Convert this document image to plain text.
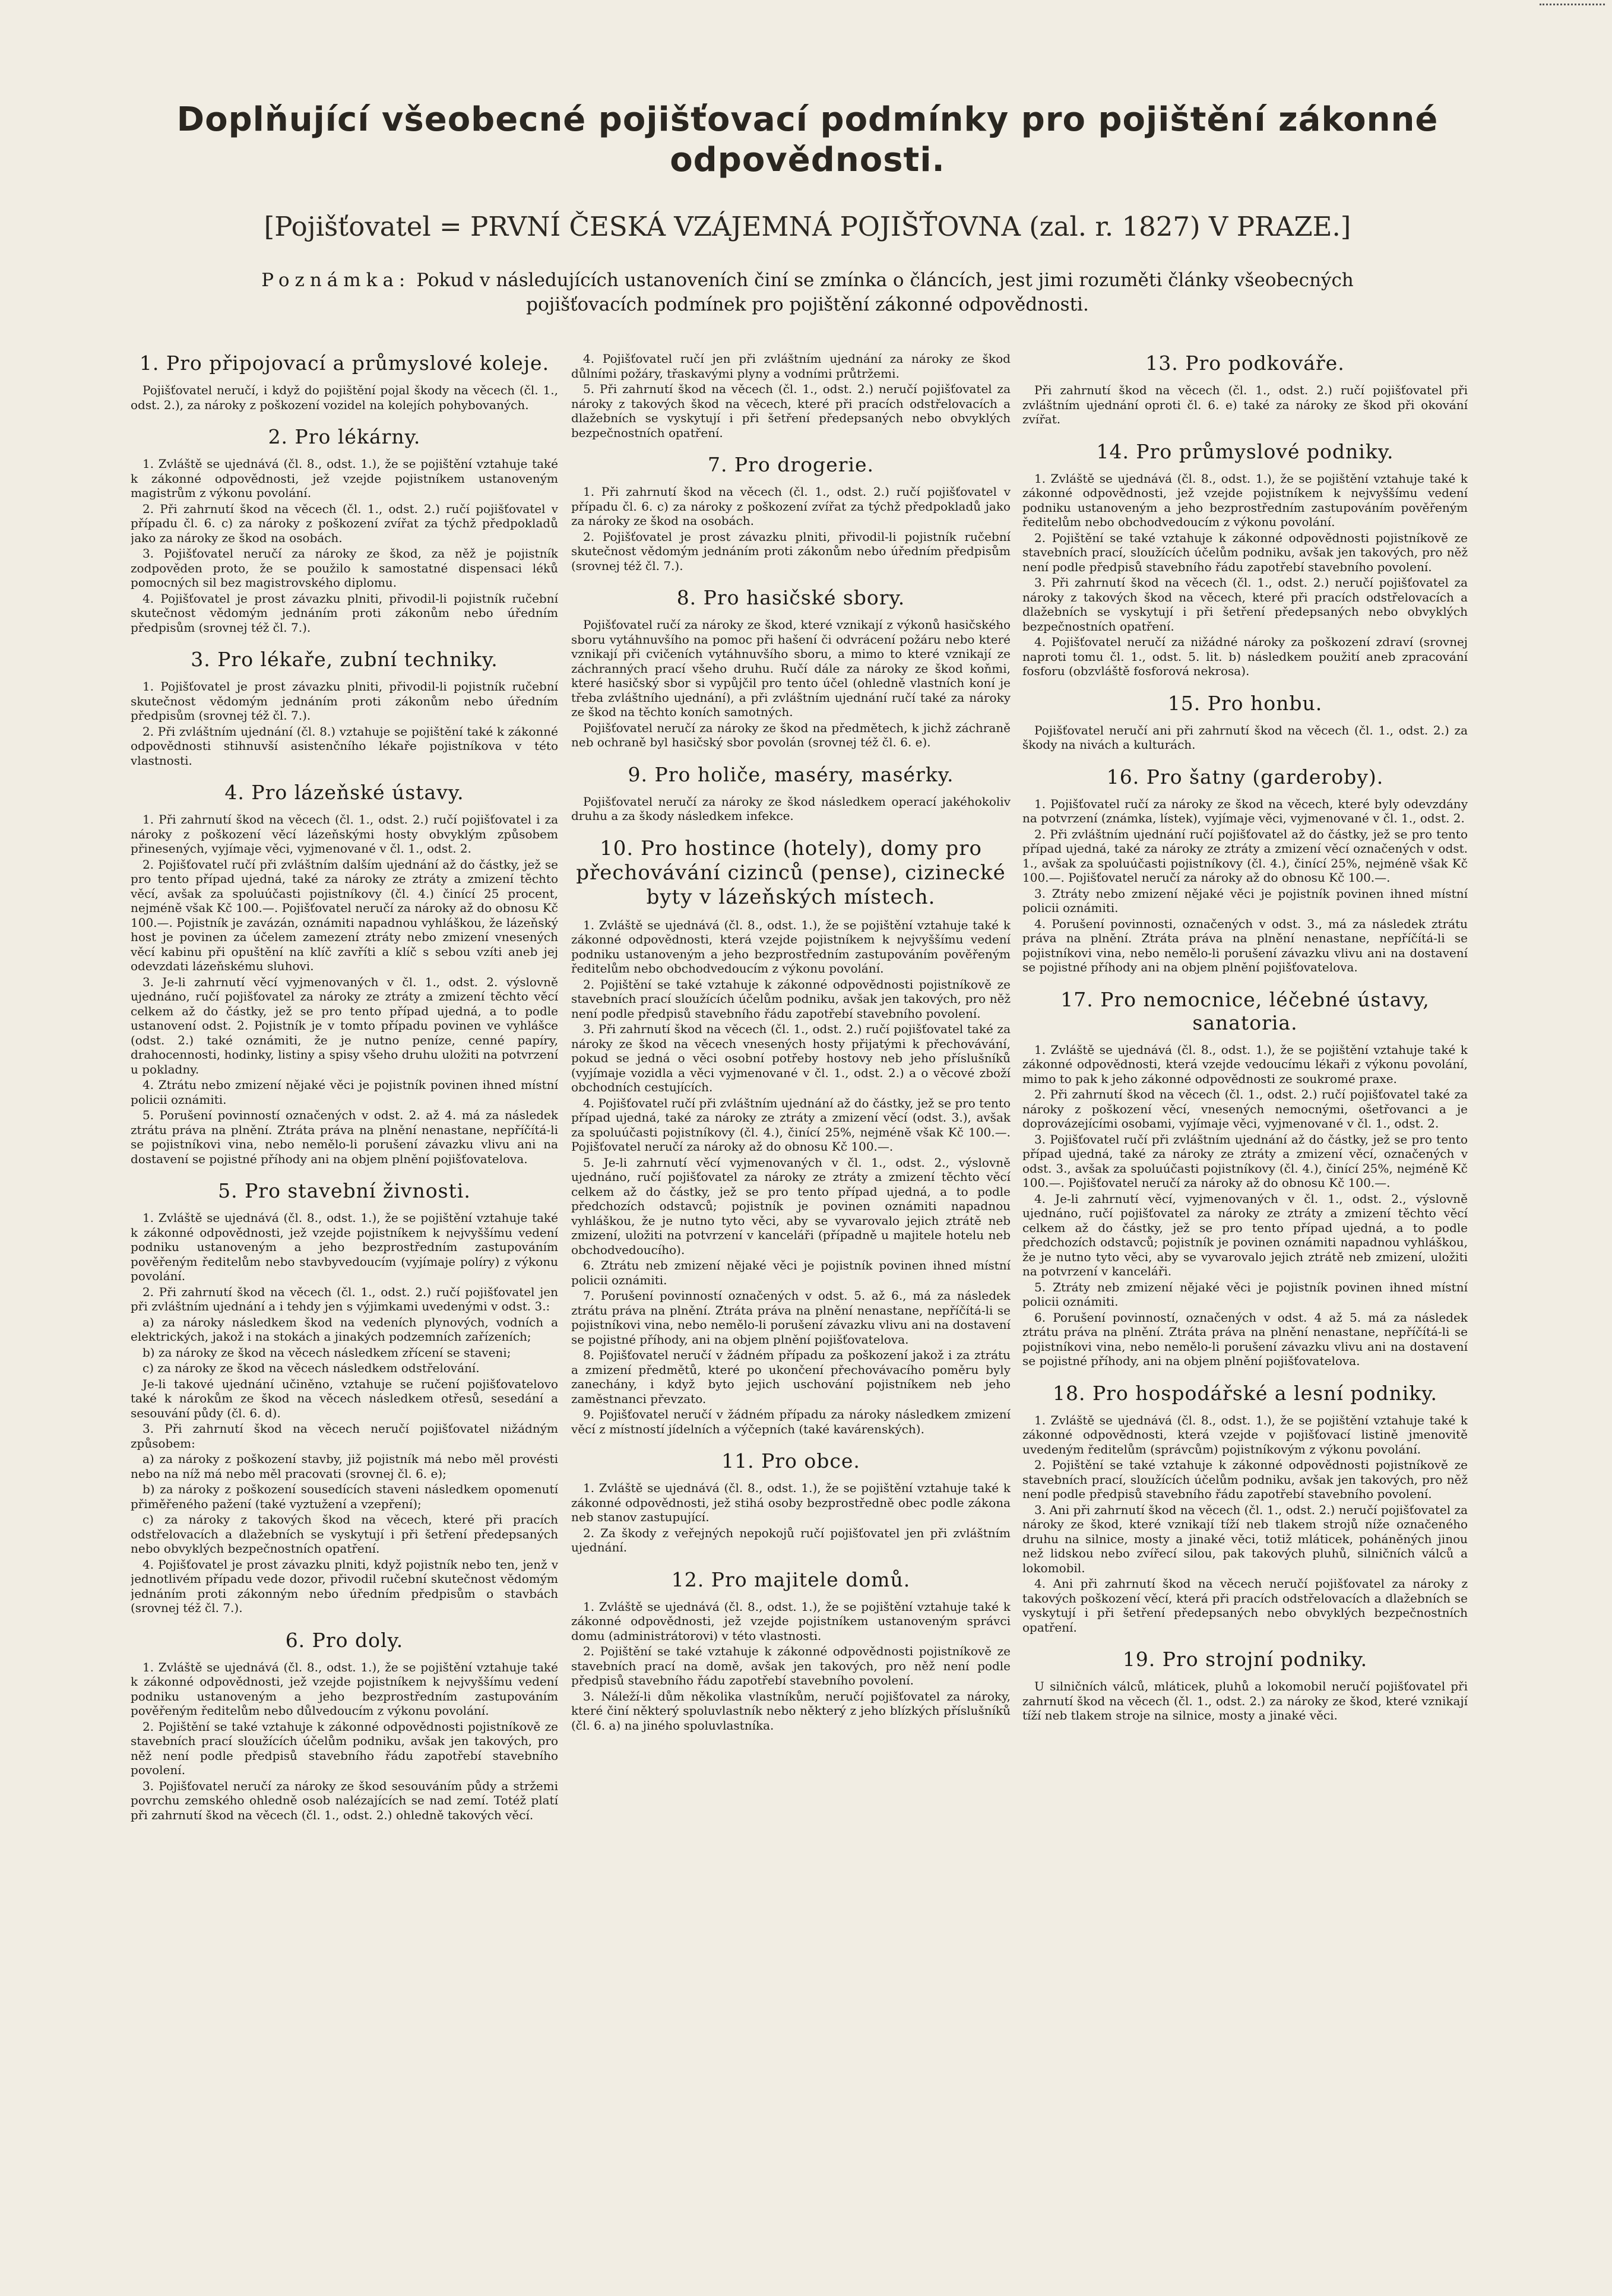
Doplňující všeobecné pojišťovací podmínky pro pojištění zákonné odpovědnosti.
[Pojišťovatel = PRVNÍ ČESKÁ VZÁJEMNÁ POJIŠŤOVNA (zal. r. 1827) V PRAZE.]
Poznámka: Pokud v následujících ustanoveních činí se zmínka o článcích, jest jimi rozuměti články všeobecných pojišťovacích podmínek pro pojištění zákonné odpovědnosti.
1. Pro připojovací a průmyslové koleje.

Pojišťovatel neručí, i když do pojištění pojal škody na věcech (čl. 1., odst. 2.), za nároky z poškození vozidel na kolejích pohybovaných.

2. Pro lékárny.

1. Zvláště se ujednává (čl. 8., odst. 1.), že se pojištění vztahuje také k zákonné odpovědnosti, jež vzejde pojistníkem ustanoveným magistrům z výkonu povolání.

2. Při zahrnutí škod na věcech (čl. 1., odst. 2.) ručí pojišťovatel v případu čl. 6. c) za nároky z poškození zvířat za týchž předpokladů jako za nároky ze škod na osobách.

3. Pojišťovatel neručí za nároky ze škod, za něž je pojistník zodpověden proto, že se použilo k samostatné dispensaci léků pomocných sil bez magistrovského diplomu.

4. Pojišťovatel je prost závazku plniti, přivodil-li pojistník ručební skutečnost vědomým jednáním proti zákonům nebo úředním předpisům (srovnej též čl. 7.).

3. Pro lékaře, zubní techniky.

1. Pojišťovatel je prost závazku plniti, přivodil-li pojistník ručební skutečnost vědomým jednáním proti zákonům nebo úředním předpisům (srovnej též čl. 7.).

2. Při zvláštním ujednání (čl. 8.) vztahuje se pojištění také k zákonné odpovědnosti stihnuvší asistenčního lékaře pojistníkova v této vlastnosti.

4. Pro lázeňské ústavy.

1. Při zahrnutí škod na věcech (čl. 1., odst. 2.) ručí pojišťovatel i za nároky z poškození věcí lázeňskými hosty obvyklým způsobem přinesených, vyjímaje věci, vyjmenované v čl. 1., odst. 2.

2. Pojišťovatel ručí při zvláštním dalším ujednání až do částky, jež se pro tento případ ujedná, také za nároky ze ztráty a zmizení těchto věcí, avšak za spoluúčasti pojistníkovy (čl. 4.) činící 25 procent, nejméně však Kč 100.—. Pojišťovatel neručí za nároky až do obnosu Kč 100.—. Pojistník je zavázán, oznámiti napadnou vyhláškou, že lázeňský host je povinen za účelem zamezení ztráty nebo zmizení vnesených věcí kabinu při opuštění na klíč zavříti a klíč s sebou vzíti aneb jej odevzdati lázeňskému sluhovi.

3. Je-li zahrnutí věcí vyjmenovaných v čl. 1., odst. 2. výslovně ujednáno, ručí pojišťovatel za nároky ze ztráty a zmizení těchto věcí celkem až do částky, jež se pro tento případ ujedná, a to podle ustanovení odst. 2. Pojistník je v tomto případu povinen ve vyhlášce (odst. 2.) také oznámiti, že je nutno peníze, cenné papíry, drahocennosti, hodinky, listiny a spisy všeho druhu uložiti na potvrzení u pokladny.

4. Ztrátu nebo zmizení nějaké věci je pojistník povinen ihned místní policii oznámiti.

5. Porušení povinností označených v odst. 2. až 4. má za následek ztrátu práva na plnění. Ztráta práva na plnění nenastane, nepříčítá-li se pojistníkovi vina, nebo nemělo-li porušení závazku vlivu ani na dostavení se pojistné příhody ani na objem plnění pojišťovatelova.

5. Pro stavební živnosti.

1. Zvláště se ujednává (čl. 8., odst. 1.), že se pojištění vztahuje také k zákonné odpovědnosti, jež vzejde pojistníkem k nejvyššímu vedení podniku ustanoveným a jeho bezprostředním zastupováním pověřeným ředitelům nebo stavbyvedoucím (vyjímaje políry) z výkonu povolání.

2. Při zahrnutí škod na věcech (čl. 1., odst. 2.) ručí pojišťovatel jen při zvláštním ujednání a i tehdy jen s výjimkami uvedenými v odst. 3.:

a) za nároky následkem škod na vedeních plynových, vodních a elektrických, jakož i na stokách a jinakých podzemních zařízeních;

b) za nároky ze škod na věcech následkem zřícení se staveni;

c) za nároky ze škod na věcech následkem odstřelování.

Je-li takové ujednání učiněno, vztahuje se ručení pojišťovatelovo také k nárokům ze škod na věcech následkem otřesů, sesedání a sesouvání půdy (čl. 6. d).

3. Při zahrnutí škod na věcech neručí pojišťovatel nižádným způsobem:

a) za nároky z poškození stavby, již pojistník má nebo měl provésti nebo na níž má nebo měl pracovati (srovnej čl. 6. e);

b) za nároky z poškození sousedících staveni následkem opomenutí přiměřeného pažení (také vyztužení a vzepření);

c) za nároky z takových škod na věcech, které při pracích odstřelovacích a dlažebních se vyskytují i při šetření předepsaných nebo obvyklých bezpečnostních opatření.

4. Pojišťovatel je prost závazku plniti, když pojistník nebo ten, jenž v jednotlivém případu vede dozor, přivodil ručební skutečnost vědomým jednáním proti zákonným nebo úředním předpisům o stavbách (srovnej též čl. 7.).

6. Pro doly.

1. Zvláště se ujednává (čl. 8., odst. 1.), že se pojištění vztahuje také k zákonné odpovědnosti, jež vzejde pojistníkem k nejvyššímu vedení podniku ustanoveným a jeho bezprostředním zastupováním pověřeným ředitelům nebo důlvedoucím z výkonu povolání.

2. Pojištění se také vztahuje k zákonné odpovědnosti pojistníkově ze stavebních prací sloužících účelům podniku, avšak jen takových, pro něž není podle předpisů stavebního řádu zapotřebí stavebního povolení.

3. Pojišťovatel neručí za nároky ze škod sesouváním půdy a stržemi povrchu zemského ohledně osob nalézajících se nad zemí. Totéž platí při zahrnutí škod na věcech (čl. 1., odst. 2.) ohledně takových věcí.

4. Pojišťovatel ručí jen při zvláštním ujednání za nároky ze škod důlními požáry, třaskavými plyny a vodními průtržemi.

5. Při zahrnutí škod na věcech (čl. 1., odst. 2.) neručí pojišťovatel za nároky z takových škod na věcech, které při pracích odstřelovacích a dlažebních se vyskytují i při šetření předepsaných nebo obvyklých bezpečnostních opatření.

7. Pro drogerie.

1. Při zahrnutí škod na věcech (čl. 1., odst. 2.) ručí pojišťovatel v případu čl. 6. c) za nároky z poškození zvířat za týchž předpokladů jako za nároky ze škod na osobách.

2. Pojišťovatel je prost závazku plniti, přivodil-li pojistník ručební skutečnost vědomým jednáním proti zákonům nebo úředním předpisům (srovnej též čl. 7.).

8. Pro hasičské sbory.

Pojišťovatel ručí za nároky ze škod, které vznikají z výkonů hasičského sboru vytáhnuvšího na pomoc při hašení či odvrácení požáru nebo které vznikají při cvičeních vytáhnuvšího sboru, a mimo to které vznikají ze záchranných prací všeho druhu. Ručí dále za nároky ze škod koňmi, které hasičský sbor si vypůjčil pro tento účel (ohledně vlastních koní je třeba zvláštního ujednání), a při zvláštním ujednání ručí také za nároky ze škod na těchto koních samotných.

Pojišťovatel neručí za nároky ze škod na předmětech, k jichž záchraně neb ochraně byl hasičský sbor povolán (srovnej též čl. 6. e).

9. Pro holiče, maséry, masérky.

Pojišťovatel neručí za nároky ze škod následkem operací jakéhokoliv druhu a za škody následkem infekce.

10. Pro hostince (hotely), domy pro přechovávání cizinců (pense), cizinecké byty v lázeňských místech.

1. Zvláště se ujednává (čl. 8., odst. 1.), že se pojištění vztahuje také k zákonné odpovědnosti, která vzejde pojistníkem k nejvyššímu vedení podniku ustanoveným a jeho bezprostředním zastupováním pověřeným ředitelům nebo obchodvedoucím z výkonu povolání.

2. Pojištění se také vztahuje k zákonné odpovědnosti pojistníkově ze stavebních prací sloužících účelům podniku, avšak jen takových, pro něž není podle předpisů stavebního řádu zapotřebí stavebního povolení.

3. Při zahrnutí škod na věcech (čl. 1., odst. 2.) ručí pojišťovatel také za nároky ze škod na věcech vnesených hosty přijatými k přechovávání, pokud se jedná o věci osobní potřeby hostovy neb jeho příslušníků (vyjímaje vozidla a věci vyjmenované v čl. 1., odst. 2.) a o věcové zboží obchodních cestujících.

4. Pojišťovatel ručí při zvláštním ujednání až do částky, jež se pro tento případ ujedná, také za nároky ze ztráty a zmizení věcí (odst. 3.), avšak za spoluúčasti pojistníkovy (čl. 4.), činící 25%, nejméně však Kč 100.—. Pojišťovatel neručí za nároky až do obnosu Kč 100.—.

5. Je-li zahrnutí věcí vyjmenovaných v čl. 1., odst. 2., výslovně ujednáno, ručí pojišťovatel za nároky ze ztráty a zmizení těchto věcí celkem až do částky, jež se pro tento případ ujedná, a to podle předchozích odstavců; pojistník je povinen oznámiti napadnou vyhláškou, že je nutno tyto věci, aby se vyvarovalo jejich ztrátě neb zmizení, uložiti na potvrzení v kanceláři (případně u majitele hotelu neb obchodvedoucího).

6. Ztrátu neb zmizení nějaké věci je pojistník povinen ihned místní policii oznámiti.

7. Porušení povinností označených v odst. 5. až 6., má za následek ztrátu práva na plnění. Ztráta práva na plnění nenastane, nepříčítá-li se pojistníkovi vina, nebo nemělo-li porušení závazku vlivu ani na dostavení se pojistné příhody, ani na objem plnění pojišťovatelova.

8. Pojišťovatel neručí v žádném případu za poškození jakož i za ztrátu a zmizení předmětů, které po ukončení přechovávacího poměru byly zanechány, i když byto jejich uschování pojistníkem neb jeho zaměstnanci převzato.

9. Pojišťovatel neručí v žádném případu za nároky následkem zmizení věcí z místností jídelních a výčepních (také kavárenských).

11. Pro obce.

1. Zvláště se ujednává (čl. 8., odst. 1.), že se pojištění vztahuje také k zákonné odpovědnosti, jež stihá osoby bezprostředně obec podle zákona neb stanov zastupující.

2. Za škody z veřejných nepokojů ručí pojišťovatel jen při zvláštním ujednání.

12. Pro majitele domů.

1. Zvláště se ujednává (čl. 8., odst. 1.), že se pojištění vztahuje také k zákonné odpovědnosti, jež vzejde pojistníkem ustanoveným správci domu (administrátorovi) v této vlastnosti.

2. Pojištění se také vztahuje k zákonné odpovědnosti pojistníkově ze stavebních prací na domě, avšak jen takových, pro něž není podle předpisů stavebního řádu zapotřebí stavebního povolení.

3. Náleží-li dům několika vlastníkům, neručí pojišťovatel za nároky, které činí některý spoluvlastník nebo některý z jeho blízkých příslušníků (čl. 6. a) na jiného spoluvlastníka.

13. Pro podkováře.

Při zahrnutí škod na věcech (čl. 1., odst. 2.) ručí pojišťovatel při zvláštním ujednání oproti čl. 6. e) také za nároky ze škod při okování zvířat.

14. Pro průmyslové podniky.

1. Zvláště se ujednává (čl. 8., odst. 1.), že se pojištění vztahuje také k zákonné odpovědnosti, jež vzejde pojistníkem k nejvyššímu vedení podniku ustanoveným a jeho bezprostředním zastupováním pověřeným ředitelům nebo obchodvedoucím z výkonu povolání.

2. Pojištění se také vztahuje k zákonné odpovědnosti pojistníkově ze stavebních prací, sloužících účelům podniku, avšak jen takových, pro něž není podle předpisů stavebního řádu zapotřebí stavebního povolení.

3. Při zahrnutí škod na věcech (čl. 1., odst. 2.) neručí pojišťovatel za nároky z takových škod na věcech, které při pracích odstřelovacích a dlažebních se vyskytují i při šetření předepsaných nebo obvyklých bezpečnostních opatření.

4. Pojišťovatel neručí za nižádné nároky za poškození zdraví (srovnej naproti tomu čl. 1., odst. 5. lit. b) následkem použití aneb zpracování fosforu (obzvláště fosforová nekrosa).

15. Pro honbu.

Pojišťovatel neručí ani při zahrnutí škod na věcech (čl. 1., odst. 2.) za škody na nivách a kulturách.

16. Pro šatny (garderoby).

1. Pojišťovatel ručí za nároky ze škod na věcech, které byly odevzdány na potvrzení (známka, lístek), vyjímaje věci, vyjmenované v čl. 1., odst. 2.

2. Při zvláštním ujednání ručí pojišťovatel až do částky, jež se pro tento případ ujedná, také za nároky ze ztráty a zmizení věcí označených v odst. 1., avšak za spoluúčasti pojistníkovy (čl. 4.), činící 25%, nejméně však Kč 100.—. Pojišťovatel neručí za nároky až do obnosu Kč 100.—.

3. Ztráty nebo zmizení nějaké věci je pojistník povinen ihned místní policii oznámiti.

4. Porušení povinnosti, označených v odst. 3., má za následek ztrátu práva na plnění. Ztráta práva na plnění nenastane, nepříčítá-li se pojistníkovi vina, nebo nemělo-li porušení závazku vlivu ani na dostavení se pojistné příhody ani na objem plnění pojišťovatelova.

17. Pro nemocnice, léčebné ústavy, sanatoria.

1. Zvláště se ujednává (čl. 8., odst. 1.), že se pojištění vztahuje také k zákonné odpovědnosti, která vzejde vedoucímu lékaři z výkonu povolání, mimo to pak k jeho zákonné odpovědnosti ze soukromé praxe.

2. Při zahrnutí škod na věcech (čl. 1., odst. 2.) ručí pojišťovatel také za nároky z poškození věcí, vnesených nemocnými, ošetřovanci a je doprovázejícími osobami, vyjímaje věci, vyjmenované v čl. 1., odst. 2.

3. Pojišťovatel ručí při zvláštním ujednání až do částky, jež se pro tento případ ujedná, také za nároky ze ztráty a zmizení věcí, označených v odst. 3., avšak za spoluúčasti pojistníkovy (čl. 4.), činící 25%, nejméně Kč 100.—. Pojišťovatel neručí za nároky až do obnosu Kč 100.—.

4. Je-li zahrnutí věcí, vyjmenovaných v čl. 1., odst. 2., výslovně ujednáno, ručí pojišťovatel za nároky ze ztráty a zmizení těchto věcí celkem až do částky, jež se pro tento případ ujedná, a to podle předchozích odstavců; pojistník je povinen oznámiti napadnou vyhláškou, že je nutno tyto věci, aby se vyvarovalo jejich ztrátě neb zmizení, uložiti na potvrzení v kanceláři.

5. Ztráty neb zmizení nějaké věci je pojistník povinen ihned místní policii oznámiti.

6. Porušení povinností, označených v odst. 4 až 5. má za následek ztrátu práva na plnění. Ztráta práva na plnění nenastane, nepříčítá-li se pojistníkovi vina, nebo nemělo-li porušení závazku vlivu ani na dostavení se pojistné příhody, ani na objem plnění pojišťovatelova.

18. Pro hospodářské a lesní podniky.

1. Zvláště se ujednává (čl. 8., odst. 1.), že se pojištění vztahuje také k zákonné odpovědnosti, která vzejde v pojišťovací listině jmenovitě uvedeným ředitelům (správcům) pojistníkovým z výkonu povolání.

2. Pojištění se také vztahuje k zákonné odpovědnosti pojistníkově ze stavebních prací, sloužících účelům podniku, avšak jen takových, pro něž není podle předpisů stavebního řádu zapotřebí stavebního povolení.

3. Ani při zahrnutí škod na věcech (čl. 1., odst. 2.) neručí pojišťovatel za nároky ze škod, které vznikají tíží neb tlakem strojů níže označeného druhu na silnice, mosty a jinaké věci, totiž mláticek, poháněných jinou než lidskou nebo zvířecí silou, pak takových pluhů, silničních válců a lokomobil.

4. Ani při zahrnutí škod na věcech neručí pojišťovatel za nároky z takových poškození věcí, která při pracích odstřelovacích a dlažebních se vyskytují i při šetření předepsaných nebo obvyklých bezpečnostních opatření.

19. Pro strojní podniky.

U silničních válců, mláticek, pluhů a lokomobil neručí pojišťovatel při zahrnutí škod na věcech (čl. 1., odst. 2.) za nároky ze škod, které vznikají tíží neb tlakem stroje na silnice, mosty a jinaké věci.
